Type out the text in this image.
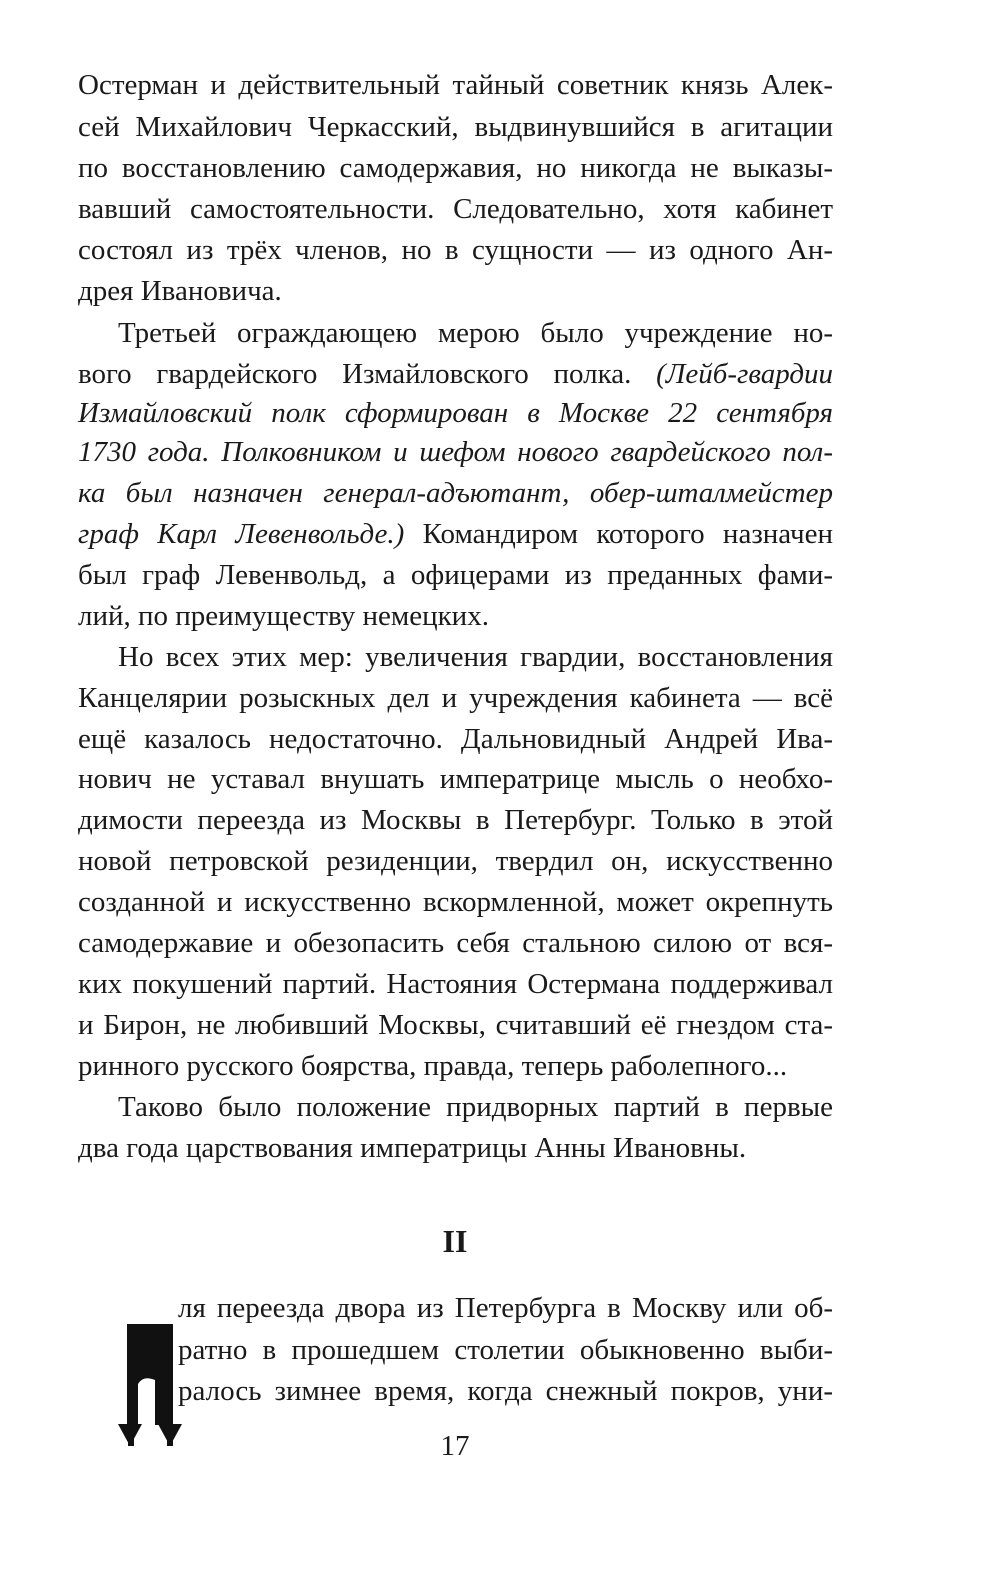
Остерман и действительный тайный советник князь Алек-
сей Михайлович Черкасский, выдвинувшийся в агитации
по восстановлению самодержавия, но никогда не выказы-
вавший самостоятельности. Следовательно, хотя кабинет
состоял из трёх членов, но в сущности — из одного Ан-
дрея Ивановича.
Третьей ограждающею мерою было учреждение но-
вого гвардейского Измайловского полка. (Лейб-гвардии
Измайловский полк сформирован в Москве 22 сентября
1730 года. Полковником и шефом нового гвардейского пол-
ка был назначен генерал-адъютант, обер-шталмейстер
граф Карл Левенвольде.) Командиром которого назначен
был граф Левенвольд, а офицерами из преданных фами-
лий, по преимуществу немецких.
Но всех этих мер: увеличения гвардии, восстановления
Канцелярии розыскных дел и учреждения кабинета — всё
ещё казалось недостаточно. Дальновидный Андрей Ива-
нович не уставал внушать императрице мысль о необхо-
димости переезда из Москвы в Петербург. Только в этой
новой петровской резиденции, твердил он, искусственно
созданной и искусственно вскормленной, может окрепнуть
самодержавие и обезопасить себя стальною силою от вся-
ких покушений партий. Настояния Остермана поддерживал
и Бирон, не любивший Москвы, считавший её гнездом ста-
ринного русского боярства, правда, теперь раболепного...
Таково было положение придворных партий в первые
два года царствования императрицы Анны Ивановны.
II
ля переезда двора из Петербурга в Москву или об-
ратно в прошедшем столетии обыкновенно выби-
ралось зимнее время, когда снежный покров, уни-
17
